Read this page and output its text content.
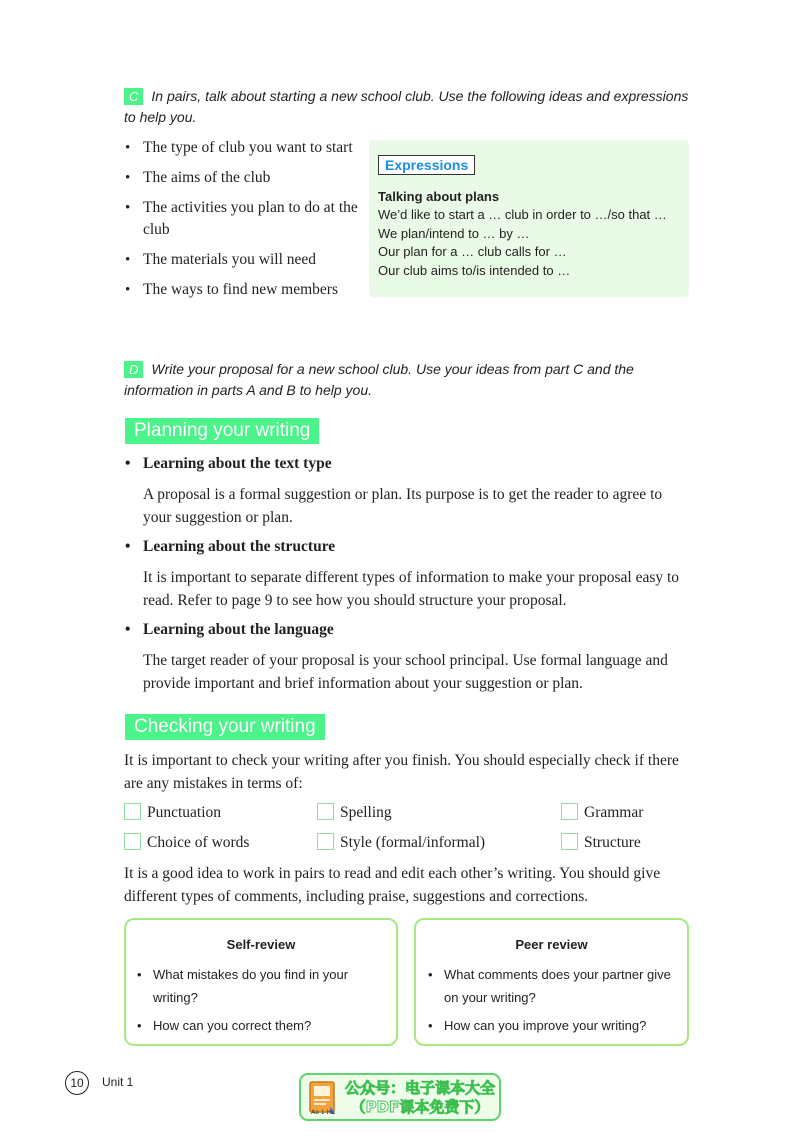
C In pairs, talk about starting a new school club. Use the following ideas and expressions to help you.
• The type of club you want to start
• The aims of the club
• The activities you plan to do at the club
• The materials you will need
• The ways to find new members
Expressions
Talking about plans
We’d like to start a … club in order to …/so that …
We plan/intend to … by …
Our plan for a … club calls for …
Our club aims to/is intended to …
D Write your proposal for a new school club. Use your ideas from part C and the information in parts A and B to help you.
Planning your writing
• Learning about the text type
A proposal is a formal suggestion or plan. Its purpose is to get the reader to agree to your suggestion or plan.
• Learning about the structure
It is important to separate different types of information to make your proposal easy to read. Refer to page 9 to see how you should structure your proposal.
• Learning about the language
The target reader of your proposal is your school principal. Use formal language and provide important and brief information about your suggestion or plan.
Checking your writing
It is important to check your writing after you finish. You should especially check if there are any mistakes in terms of:
Punctuation	Spelling	Grammar
Choice of words	Style (formal/informal)	Structure
It is a good idea to work in pairs to read and edit each other’s writing. You should give different types of comments, including praise, suggestions and corrections.
Self-review
• What mistakes do you find in your writing?
• How can you correct them?
Peer review
• What comments does your partner give on your writing?
• How can you improve your writing?
10	Unit 1
Aa 1 Hu
公众号：电子课本大全
（PDF课本免费下）
